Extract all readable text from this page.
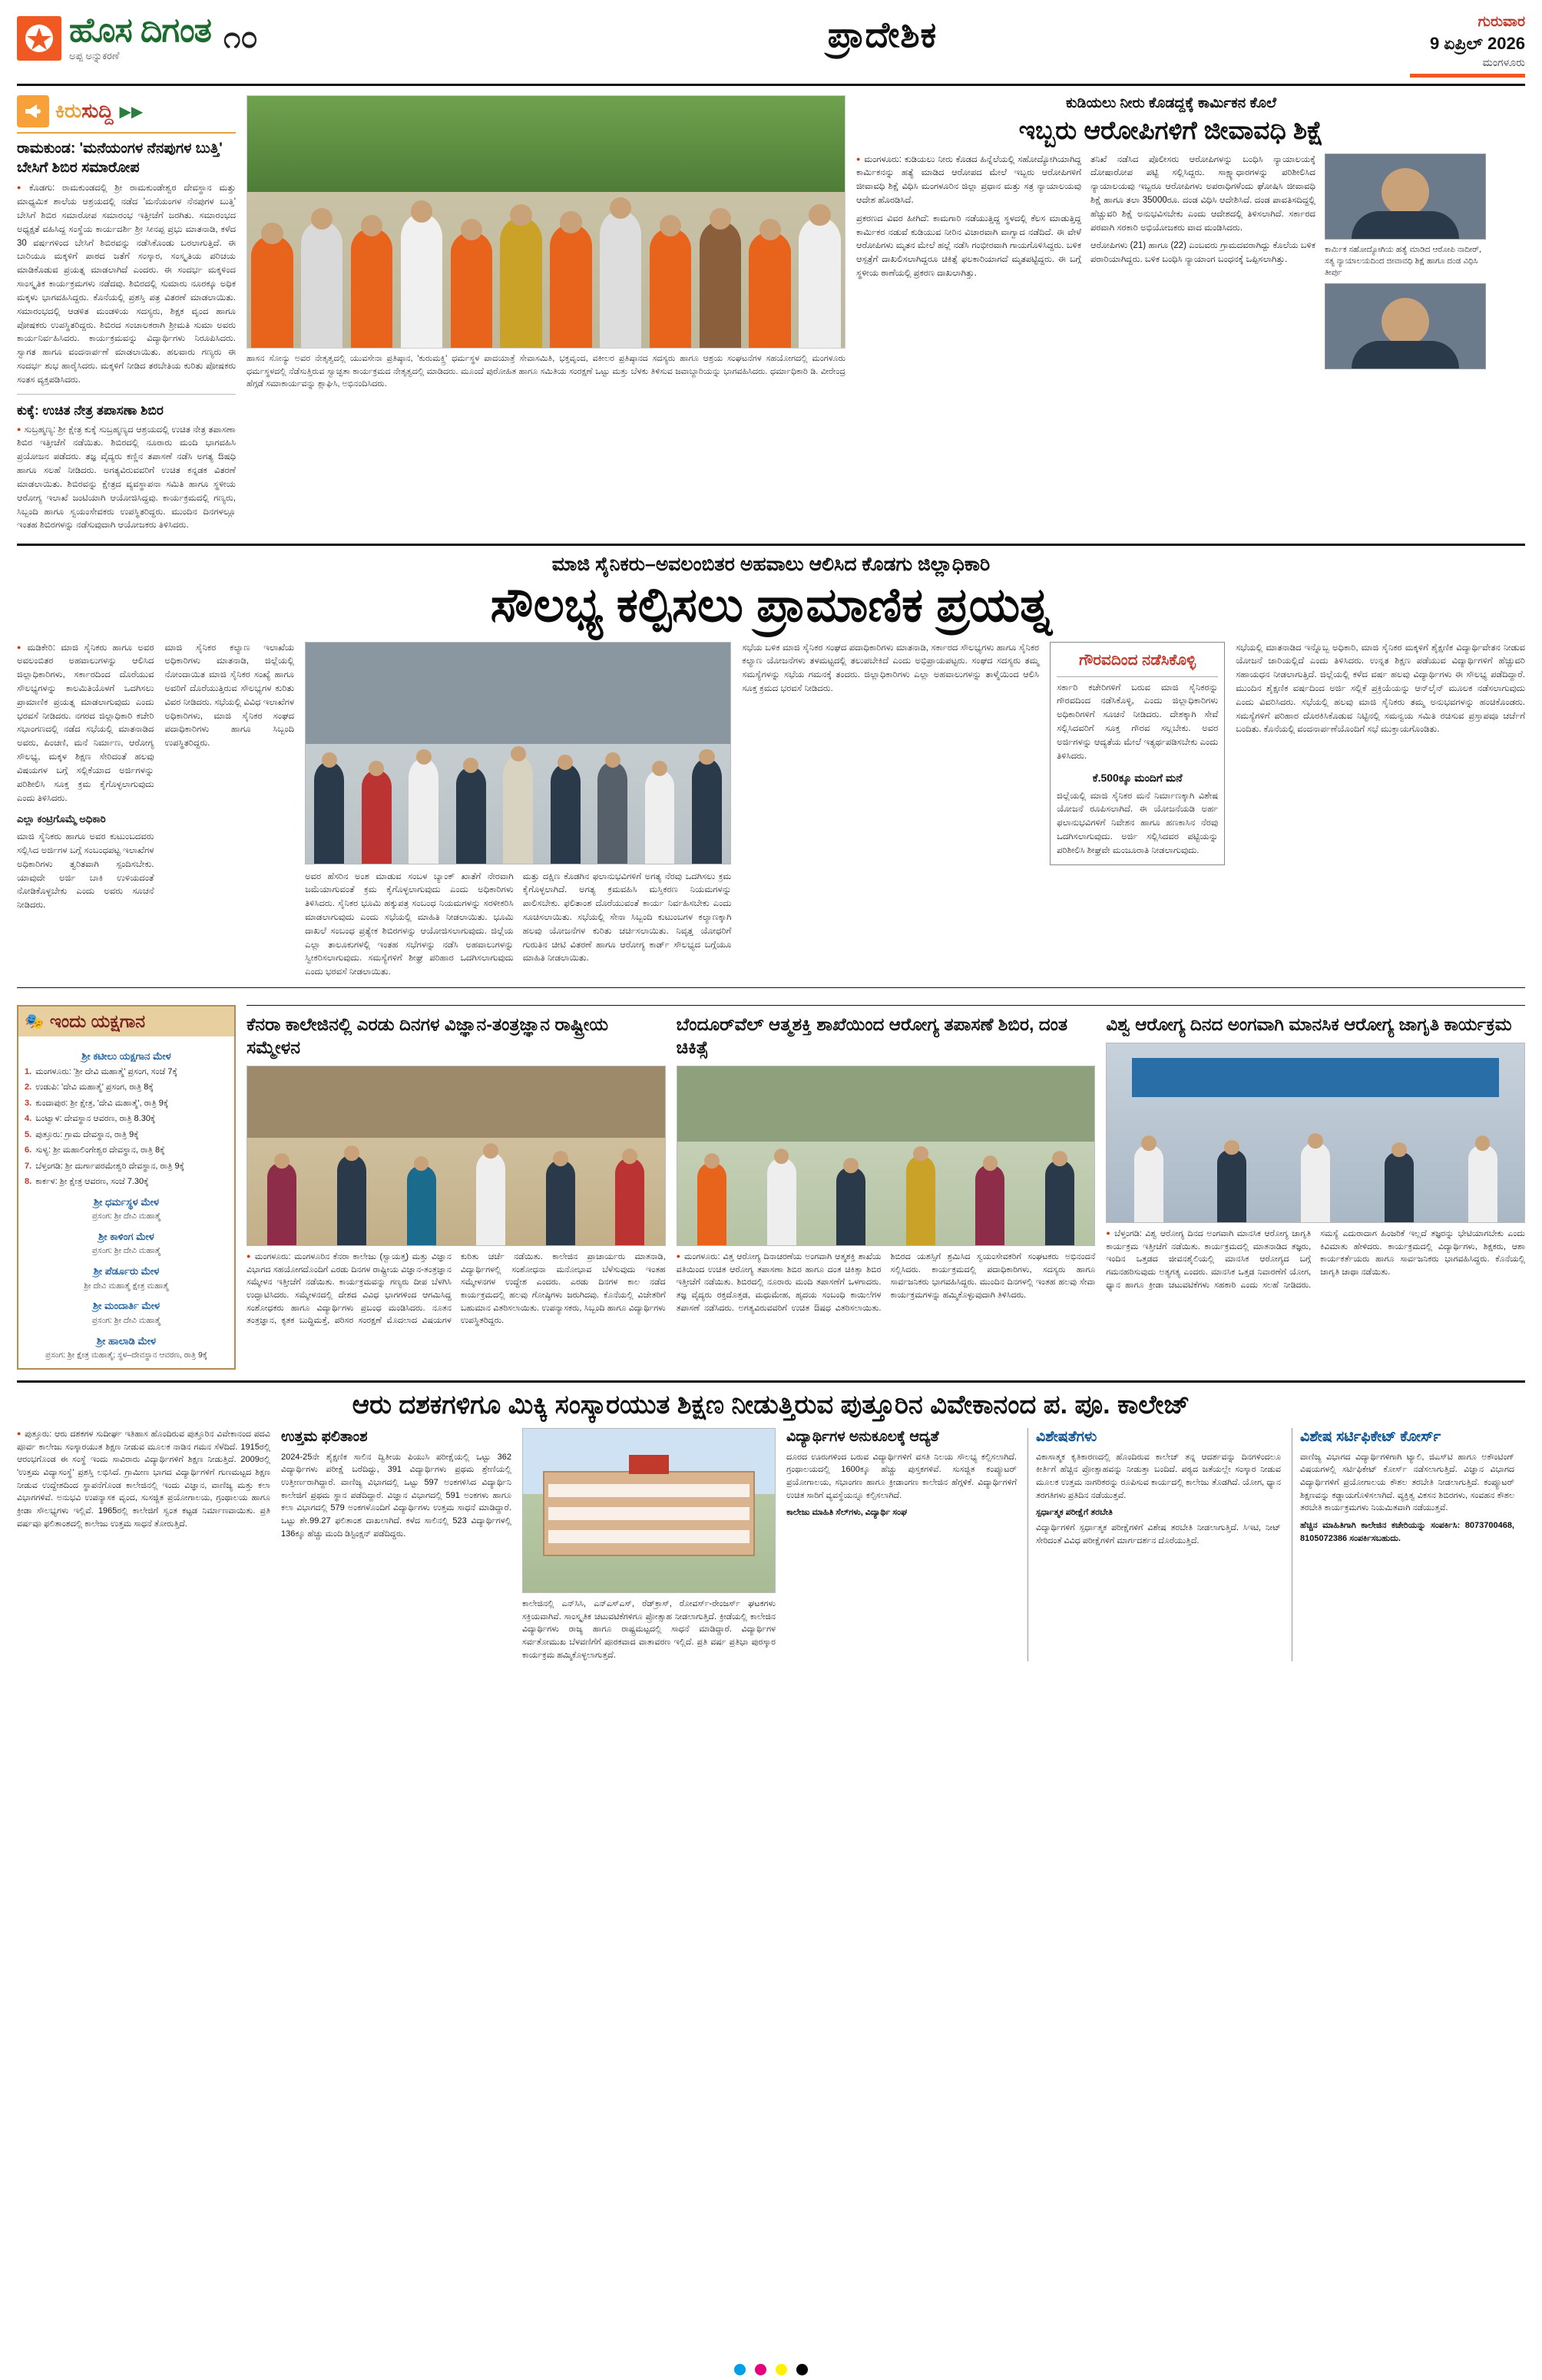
ಹೊಸ ದಿಗಂತ
ಅಪ್ಪ ಅನ್ನುಕರಣೆ
೧೦	ಪ್ರಾದೇಶಿಕ	ಗುರುವಾರ
9 ಏಪ್ರಿಲ್ 2026
ಮಂಗಳೂರು
ಕಿರುಸುದ್ದಿ ▶▶
ರಾಮಕುಂಡ: 'ಮನೆಯಂಗಳ ನೆನಪುಗಳ ಬುತ್ತಿ' ಬೇಸಿಗೆ ಶಿಬಿರ ಸಮಾರೋಪ
● ಕೊಡಗು: ರಾಮಕುಂಡದಲ್ಲಿ ಶ್ರೀ ರಾಮಕುಂಡೇಶ್ವರ ದೇವಸ್ಥಾನ ಮತ್ತು ಮಾಧ್ಯಮಿಕ ಶಾಲೆಯ ಆಶ್ರಯದಲ್ಲಿ ನಡೆದ 'ಮನೆಯಂಗಳ ನೆನಪುಗಳ ಬುತ್ತಿ' ಬೇಸಿಗೆ ಶಿಬಿರ ಸಮಾರೋಪ ಸಮಾರಂಭ ಇತ್ತೀಚೆಗೆ ಜರಗಿತು. ಸಮಾರಂಭದ ಅಧ್ಯಕ್ಷತೆ ವಹಿಸಿದ್ದ ಸಂಸ್ಥೆಯ ಕಾರ್ಯದರ್ಶಿ ಶ್ರೀ ಸೀನಪ್ಪ ಪ್ರಭು ಮಾತನಾಡಿ, ಕಳೆದ 30 ವರ್ಷಗಳಿಂದ ಬೇಸಿಗೆ ಶಿಬಿರವನ್ನು ನಡೆಸಿಕೊಂಡು ಬರಲಾಗುತ್ತಿದೆ. ಈ ಬಾರಿಯೂ ಮಕ್ಕಳಿಗೆ ಪಾಠದ ಜತೆಗೆ ಸಂಸ್ಕಾರ, ಸಂಸ್ಕೃತಿಯ ಪರಿಚಯ ಮಾಡಿಕೊಡುವ ಪ್ರಯತ್ನ ಮಾಡಲಾಗಿದೆ ಎಂದರು. ಈ ಸಂದರ್ಭ ಮಕ್ಕಳಿಂದ ಸಾಂಸ್ಕೃತಿಕ ಕಾರ್ಯಕ್ರಮಗಳು ನಡೆದವು. ಶಿಬಿರದಲ್ಲಿ ಸುಮಾರು ನೂರಕ್ಕೂ ಅಧಿಕ ಮಕ್ಕಳು ಭಾಗವಹಿಸಿದ್ದರು. ಕೊನೆಯಲ್ಲಿ ಪ್ರಶಸ್ತಿ ಪತ್ರ ವಿತರಣೆ ಮಾಡಲಾಯಿತು. ಸಮಾರಂಭದಲ್ಲಿ ಆಡಳಿತ ಮಂಡಳಿಯ ಸದಸ್ಯರು, ಶಿಕ್ಷಕ ವೃಂದ ಹಾಗೂ ಪೋಷಕರು ಉಪಸ್ಥಿತರಿದ್ದರು. ಶಿಬಿರದ ಸಂಚಾಲಕರಾಗಿ ಶ್ರೀಮತಿ ಸುಮಾ ಅವರು ಕಾರ್ಯನಿರ್ವಹಿಸಿದರು. ಕಾರ್ಯಕ್ರಮವನ್ನು ವಿದ್ಯಾರ್ಥಿಗಳು ನಿರೂಪಿಸಿದರು. ಸ್ವಾಗತ ಹಾಗೂ ವಂದನಾರ್ಪಣೆ ಮಾಡಲಾಯಿತು. ಹಲವಾರು ಗಣ್ಯರು ಈ ಸಂದರ್ಭ ಶುಭ ಹಾರೈಸಿದರು. ಮಕ್ಕಳಿಗೆ ನೀಡಿದ ತರಬೇತಿಯ ಕುರಿತು ಪೋಷಕರು ಸಂತಸ ವ್ಯಕ್ತಪಡಿಸಿದರು.
ಕುಕ್ಕೆ: ಉಚಿತ ನೇತ್ರ ತಪಾಸಣಾ ಶಿಬಿರ
● ಸುಬ್ರಹ್ಮಣ್ಯ: ಶ್ರೀ ಕ್ಷೇತ್ರ ಕುಕ್ಕೆ ಸುಬ್ರಹ್ಮಣ್ಯದ ಆಶ್ರಯದಲ್ಲಿ ಉಚಿತ ನೇತ್ರ ತಪಾಸಣಾ ಶಿಬಿರ ಇತ್ತೀಚೆಗೆ ನಡೆಯಿತು. ಶಿಬಿರದಲ್ಲಿ ನೂರಾರು ಮಂದಿ ಭಾಗವಹಿಸಿ ಪ್ರಯೋಜನ ಪಡೆದರು. ತಜ್ಞ ವೈದ್ಯರು ಕಣ್ಣಿನ ತಪಾಸಣೆ ನಡೆಸಿ ಅಗತ್ಯ ಔಷಧಿ ಹಾಗೂ ಸಲಹೆ ನೀಡಿದರು. ಅಗತ್ಯವಿರುವವರಿಗೆ ಉಚಿತ ಕನ್ನಡಕ ವಿತರಣೆ ಮಾಡಲಾಯಿತು. ಶಿಬಿರವನ್ನು ಕ್ಷೇತ್ರದ ವ್ಯವಸ್ಥಾಪನಾ ಸಮಿತಿ ಹಾಗೂ ಸ್ಥಳೀಯ ಆರೋಗ್ಯ ಇಲಾಖೆ ಜಂಟಿಯಾಗಿ ಆಯೋಜಿಸಿದ್ದವು. ಕಾರ್ಯಕ್ರಮದಲ್ಲಿ ಗಣ್ಯರು, ಸಿಬ್ಬಂದಿ ಹಾಗೂ ಸ್ವಯಂಸೇವಕರು ಉಪಸ್ಥಿತರಿದ್ದರು. ಮುಂದಿನ ದಿನಗಳಲ್ಲೂ ಇಂತಹ ಶಿಬಿರಗಳನ್ನು ನಡೆಸುವುದಾಗಿ ಆಯೋಜಕರು ತಿಳಿಸಿದರು.
ಹಾಸನ ಸೋನ್ಯು ಅವರ ನೇತೃತ್ವದಲ್ಲಿ ಯುವಸೇನಾ ಪ್ರತಿಷ್ಠಾನ, 'ಕುರುಮಕ್ತ್ರಿ' ಧರ್ಮಸ್ಥಳ ಪಾದಯಾತ್ರೆ ಸೇವಾಸಮಿತಿ, ಭಕ್ತವೃಂದ, ವಕೀಲರ ಪ್ರತಿಷ್ಠಾನದ ಸದಸ್ಯರು ಹಾಗೂ ಆಶ್ರಯ ಸಂಘಟನೆಗಳ ಸಹಯೋಗದಲ್ಲಿ ಮಂಗಳೂರು ಧರ್ಮಸ್ಥಳದಲ್ಲಿ ನೆಡೆಸುತ್ತಿರುವ ಸ್ವಾಚ್ಛತಾ ಕಾರ್ಯಕ್ರಮದ ನೇತೃತ್ವದಲ್ಲಿ ಮಾಡಿದರು. ಮೂಂದೆ ಪುರೋಹಿತ ಹಾಗೂ ಸಮಿತಿಯ ಸಂರಕ್ಷಣೆ ಒಟ್ಟು ಮತ್ತು ಬೆಳಕು ತಿಳಿಸುವ ಜವಾಬ್ದಾರಿಯನ್ನು ಭಾಗವಹಿಸಿದರು. ಧರ್ಮಾಧಿಕಾರಿ ಡಿ. ವೀರೇಂದ್ರ ಹೆಗ್ಗಡೆ ಸಮಾಕಾರ್ಯವನ್ನು ಶ್ಲಾಘಿಸಿ, ಅಭಿನಂದಿಸಿದರು.
ಕುಡಿಯಲು ನೀರು ಕೊಡದ್ದಕ್ಕೆ ಕಾರ್ಮಿಕನ ಕೊಲೆ
ಇಬ್ಬರು ಆರೋಪಿಗಳಿಗೆ ಜೀವಾವಧಿ ಶಿಕ್ಷೆ
● ಮಂಗಳೂರು: ಕುಡಿಯಲು ನೀರು ಕೊಡದ ಹಿನ್ನೆಲೆಯಲ್ಲಿ ಸಹೋದ್ಯೋಗಿಯಾಗಿದ್ದ ಕಾರ್ಮಿಕನನ್ನು ಹತ್ಯೆ ಮಾಡಿದ ಆರೋಪದ ಮೇಲೆ ಇಬ್ಬರು ಆರೋಪಿಗಳಿಗೆ ಜೀವಾವಧಿ ಶಿಕ್ಷೆ ವಿಧಿಸಿ ಮಂಗಳೂರಿನ ಜಿಲ್ಲಾ ಪ್ರಧಾನ ಮತ್ತು ಸತ್ರ ನ್ಯಾಯಾಲಯವು ಆದೇಶ ಹೊರಡಿಸಿದೆ.
ಪ್ರಕರಣದ ವಿವರ ಹೀಗಿದೆ: ಕಾಮಗಾರಿ ನಡೆಯುತ್ತಿದ್ದ ಸ್ಥಳದಲ್ಲಿ ಕೆಲಸ ಮಾಡುತ್ತಿದ್ದ ಕಾರ್ಮಿಕರ ನಡುವೆ ಕುಡಿಯುವ ನೀರಿನ ವಿಚಾರವಾಗಿ ವಾಗ್ವಾದ ನಡೆದಿದೆ. ಈ ವೇಳೆ ಆರೋಪಿಗಳು ಮೃತನ ಮೇಲೆ ಹಲ್ಲೆ ನಡೆಸಿ ಗಂಭೀರವಾಗಿ ಗಾಯಗೊಳಿಸಿದ್ದರು. ಬಳಿಕ ಆಸ್ಪತ್ರೆಗೆ ದಾಖಲಿಸಲಾಗಿದ್ದರೂ ಚಿಕಿತ್ಸೆ ಫಲಕಾರಿಯಾಗದೆ ಮೃತಪಟ್ಟಿದ್ದರು. ಈ ಬಗ್ಗೆ ಸ್ಥಳೀಯ ಠಾಣೆಯಲ್ಲಿ ಪ್ರಕರಣ ದಾಖಲಾಗಿತ್ತು.
ತನಿಖೆ ನಡೆಸಿದ ಪೊಲೀಸರು ಆರೋಪಿಗಳನ್ನು ಬಂಧಿಸಿ ನ್ಯಾಯಾಲಯಕ್ಕೆ ದೋಷಾರೋಪ ಪಟ್ಟಿ ಸಲ್ಲಿಸಿದ್ದರು. ಸಾಕ್ಷ್ಯಾಧಾರಗಳನ್ನು ಪರಿಶೀಲಿಸಿದ ನ್ಯಾಯಾಲಯವು ಇಬ್ಬರೂ ಆರೋಪಿಗಳು ಅಪರಾಧಿಗಳೆಂದು ಘೋಷಿಸಿ ಜೀವಾವಧಿ ಶಿಕ್ಷೆ ಹಾಗೂ ತಲಾ 35000ರೂ. ದಂಡ ವಿಧಿಸಿ ಆದೇಶಿಸಿದೆ. ದಂಡ ಪಾವತಿಸದಿದ್ದಲ್ಲಿ ಹೆಚ್ಚುವರಿ ಶಿಕ್ಷೆ ಅನುಭವಿಸಬೇಕು ಎಂದು ಆದೇಶದಲ್ಲಿ ತಿಳಿಸಲಾಗಿದೆ. ಸರ್ಕಾರದ ಪರವಾಗಿ ಸರಕಾರಿ ಅಭಿಯೋಜಕರು ವಾದ ಮಂಡಿಸಿದರು.
ಆರೋಪಿಗಳು (21) ಹಾಗೂ (22) ಎಂಬವರು ಗ್ರಾಮದವರಾಗಿದ್ದು ಕೊಲೆಯ ಬಳಿಕ ಪರಾರಿಯಾಗಿದ್ದರು. ಬಳಿಕ ಬಂಧಿಸಿ ನ್ಯಾಯಾಂಗ ಬಂಧನಕ್ಕೆ ಒಪ್ಪಿಸಲಾಗಿತ್ತು.
ಕಾರ್ಮಿಕ ಸಹೋದ್ಯೋಗಿಯ ಹತ್ಯೆ ಮಾಡಿದ ಆರೋಪಿ ನಾದೀರ್, ಸತ್ಯ ನ್ಯಾಯಾಲಯದಿಂದ ಜೀವಾವಧಿ ಶಿಕ್ಷೆ ಹಾಗೂ ದಂಡ ವಿಧಿಸಿ ತೀರ್ಪು
ಮಾಜಿ ಸೈನಿಕರು–ಅವಲಂಬಿತರ ಅಹವಾಲು ಆಲಿಸಿದ ಕೊಡಗು ಜಿಲ್ಲಾಧಿಕಾರಿ
ಸೌಲಭ್ಯ ಕಲ್ಪಿಸಲು ಪ್ರಾಮಾಣಿಕ ಪ್ರಯತ್ನ
● ಮಡಿಕೇರಿ: ಮಾಜಿ ಸೈನಿಕರು ಹಾಗೂ ಅವರ ಅವಲಂಬಿತರ ಅಹವಾಲುಗಳನ್ನು ಆಲಿಸಿದ ಜಿಲ್ಲಾಧಿಕಾರಿಗಳು, ಸರ್ಕಾರದಿಂದ ದೊರೆಯುವ ಸೌಲಭ್ಯಗಳನ್ನು ಕಾಲಮಿತಿಯೊಳಗೆ ಒದಗಿಸಲು ಪ್ರಾಮಾಣಿಕ ಪ್ರಯತ್ನ ಮಾಡಲಾಗುವುದು ಎಂದು ಭರವಸೆ ನೀಡಿದರು. ನಗರದ ಜಿಲ್ಲಾಧಿಕಾರಿ ಕಚೇರಿ ಸಭಾಂಗಣದಲ್ಲಿ ನಡೆದ ಸಭೆಯಲ್ಲಿ ಮಾತನಾಡಿದ ಅವರು, ಪಿಂಚಣಿ, ಮನೆ ನಿರ್ಮಾಣ, ಆರೋಗ್ಯ ಸೌಲಭ್ಯ, ಮಕ್ಕಳ ಶಿಕ್ಷಣ ಸೇರಿದಂತೆ ಹಲವು ವಿಷಯಗಳ ಬಗ್ಗೆ ಸಲ್ಲಿಕೆಯಾದ ಅರ್ಜಿಗಳನ್ನು ಪರಿಶೀಲಿಸಿ ಸೂಕ್ತ ಕ್ರಮ ಕೈಗೊಳ್ಳಲಾಗುವುದು ಎಂದು ತಿಳಿಸಿದರು.
ಎಲ್ಲಾ ಕಂಟ್ರಿಗೊಮ್ಮೆ ಅಧಿಕಾರಿ
ಮಾಜಿ ಸೈನಿಕರು ಹಾಗೂ ಅವರ ಕುಟುಂಬದವರು ಸಲ್ಲಿಸಿದ ಅರ್ಜಿಗಳ ಬಗ್ಗೆ ಸಂಬಂಧಪಟ್ಟ ಇಲಾಖೆಗಳ ಅಧಿಕಾರಿಗಳು ತ್ವರಿತವಾಗಿ ಸ್ಪಂದಿಸಬೇಕು. ಯಾವುದೇ ಅರ್ಜಿ ಬಾಕಿ ಉಳಿಯದಂತೆ ನೋಡಿಕೊಳ್ಳಬೇಕು ಎಂದು ಅವರು ಸೂಚನೆ ನೀಡಿದರು.
ಮಾಜಿ ಸೈನಿಕರ ಕಲ್ಯಾಣ ಇಲಾಖೆಯ ಅಧಿಕಾರಿಗಳು ಮಾತನಾಡಿ, ಜಿಲ್ಲೆಯಲ್ಲಿ ನೋಂದಾಯಿತ ಮಾಜಿ ಸೈನಿಕರ ಸಂಖ್ಯೆ ಹಾಗೂ ಅವರಿಗೆ ದೊರೆಯುತ್ತಿರುವ ಸೌಲಭ್ಯಗಳ ಕುರಿತು ವಿವರ ನೀಡಿದರು. ಸಭೆಯಲ್ಲಿ ವಿವಿಧ ಇಲಾಖೆಗಳ ಅಧಿಕಾರಿಗಳು, ಮಾಜಿ ಸೈನಿಕರ ಸಂಘದ ಪದಾಧಿಕಾರಿಗಳು ಹಾಗೂ ಸಿಬ್ಬಂದಿ ಉಪಸ್ಥಿತರಿದ್ದರು.
ಅವರ ಹೆಸರಿನ ಅಂಶ ಮಾಡುವ ಸಂಬಳ ಬ್ಯಾಂಕ್ ಖಾತೆಗೆ ನೇರವಾಗಿ ಜಮೆಯಾಗುವಂತೆ ಕ್ರಮ ಕೈಗೊಳ್ಳಲಾಗುವುದು ಎಂದು ಅಧಿಕಾರಿಗಳು ತಿಳಿಸಿದರು. ಸೈನಿಕರ ಭೂಮಿ ಹಕ್ಕುಪತ್ರ ಸಂಬಂಧ ನಿಯಮಗಳನ್ನು ಸರಳೀಕರಿಸಿ ಮಾಡಲಾಗುವುದು ಎಂದು ಸಭೆಯಲ್ಲಿ ಮಾಹಿತಿ ನೀಡಲಾಯಿತು. ಭೂಮಿ ದಾಖಲೆ ಸಂಬಂಧ ಪ್ರತ್ಯೇಕ ಶಿಬಿರಗಳನ್ನು ಆಯೋಜಿಸಲಾಗುವುದು. ಜಿಲ್ಲೆಯ ಎಲ್ಲಾ ತಾಲೂಕುಗಳಲ್ಲಿ ಇಂತಹ ಸಭೆಗಳನ್ನು ನಡೆಸಿ ಅಹವಾಲುಗಳನ್ನು ಸ್ವೀಕರಿಸಲಾಗುವುದು. ಸಮಸ್ಯೆಗಳಿಗೆ ಶೀಘ್ರ ಪರಿಹಾರ ಒದಗಿಸಲಾಗುವುದು ಎಂದು ಭರವಸೆ ನೀಡಲಾಯಿತು.
ಮತ್ತು ದಕ್ಷಿಣ ಕೊಡಗಿನ ಫಲಾನುಭವಿಗಳಿಗೆ ಅಗತ್ಯ ನೆರವು ಒದಗಿಸಲು ಕ್ರಮ ಕೈಗೊಳ್ಳಲಾಗಿದೆ. ಅಗತ್ಯ ಕ್ರಮವಹಿಸಿ ಮಸ್ತಿಕರಣ ನಿಯಮಗಳನ್ನು ಪಾಲಿಸಬೇಕು. ಫಲಿತಾಂಶ ದೊರೆಯುವಂತೆ ಕಾರ್ಯ ನಿರ್ವಹಿಸಬೇಕು ಎಂದು ಸೂಚಿಸಲಾಯಿತು. ಸಭೆಯಲ್ಲಿ ಸೇನಾ ಸಿಬ್ಬಂದಿ ಕುಟುಂಬಗಳ ಕಲ್ಯಾಣಕ್ಕಾಗಿ ಹಲವು ಯೋಜನೆಗಳ ಕುರಿತು ಚರ್ಚಿಸಲಾಯಿತು. ನಿವೃತ್ತ ಯೋಧರಿಗೆ ಗುರುತಿನ ಚೀಟಿ ವಿತರಣೆ ಹಾಗೂ ಆರೋಗ್ಯ ಕಾರ್ಡ್ ಸೌಲಭ್ಯದ ಬಗ್ಗೆಯೂ ಮಾಹಿತಿ ನೀಡಲಾಯಿತು.
ಸಭೆಯ ಬಳಿಕ ಮಾಜಿ ಸೈನಿಕರ ಸಂಘದ ಪದಾಧಿಕಾರಿಗಳು ಮಾತನಾಡಿ, ಸರ್ಕಾರದ ಸೌಲಭ್ಯಗಳು ಹಾಗೂ ಸೈನಿಕರ ಕಲ್ಯಾಣ ಯೋಜನೆಗಳು ತಳಮಟ್ಟದಲ್ಲಿ ತಲುಪಬೇಕಿದೆ ಎಂದು ಅಭಿಪ್ರಾಯಪಟ್ಟರು. ಸಂಘದ ಸದಸ್ಯರು ತಮ್ಮ ಸಮಸ್ಯೆಗಳನ್ನು ಸಭೆಯ ಗಮನಕ್ಕೆ ತಂದರು. ಜಿಲ್ಲಾಧಿಕಾರಿಗಳು ಎಲ್ಲಾ ಅಹವಾಲುಗಳನ್ನು ತಾಳ್ಮೆಯಿಂದ ಆಲಿಸಿ ಸೂಕ್ತ ಕ್ರಮದ ಭರವಸೆ ನೀಡಿದರು.
ಗೌರವದಿಂದ ನಡೆಸಿಕೊಳ್ಳಿ
ಸರ್ಕಾರಿ ಕಚೇರಿಗಳಿಗೆ ಬರುವ ಮಾಜಿ ಸೈನಿಕರನ್ನು ಗೌರವದಿಂದ ನಡೆಸಿಕೊಳ್ಳಿ, ಎಂದು ಜಿಲ್ಲಾಧಿಕಾರಿಗಳು ಅಧಿಕಾರಿಗಳಿಗೆ ಸೂಚನೆ ನೀಡಿದರು. ದೇಶಕ್ಕಾಗಿ ಸೇವೆ ಸಲ್ಲಿಸಿದವರಿಗೆ ಸೂಕ್ತ ಗೌರವ ಸಲ್ಲಬೇಕು. ಅವರ ಅರ್ಜಿಗಳನ್ನು ಆದ್ಯತೆಯ ಮೇಲೆ ಇತ್ಯರ್ಥಪಡಿಸಬೇಕು ಎಂದು ತಿಳಿಸಿದರು.
ಕೆ.500ಕ್ಕೂ ಮಂದಿಗೆ ಮನೆ
ಜಿಲ್ಲೆಯಲ್ಲಿ ಮಾಜಿ ಸೈನಿಕರ ಮನೆ ನಿರ್ಮಾಣಕ್ಕಾಗಿ ವಿಶೇಷ ಯೋಜನೆ ರೂಪಿಸಲಾಗಿದೆ. ಈ ಯೋಜನೆಯಡಿ ಅರ್ಹ ಫಲಾನುಭವಿಗಳಿಗೆ ನಿವೇಶನ ಹಾಗೂ ಹಣಕಾಸಿನ ನೆರವು ಒದಗಿಸಲಾಗುವುದು. ಅರ್ಜಿ ಸಲ್ಲಿಸಿದವರ ಪಟ್ಟಿಯನ್ನು ಪರಿಶೀಲಿಸಿ ಶೀಘ್ರವೇ ಮಂಜೂರಾತಿ ನೀಡಲಾಗುವುದು.
ಸಭೆಯಲ್ಲಿ ಮಾತನಾಡಿದ ಇನ್ನೊಬ್ಬ ಅಧಿಕಾರಿ, ಮಾಜಿ ಸೈನಿಕರ ಮಕ್ಕಳಿಗೆ ಶೈಕ್ಷಣಿಕ ವಿದ್ಯಾರ್ಥಿವೇತನ ನೀಡುವ ಯೋಜನೆ ಜಾರಿಯಲ್ಲಿದೆ ಎಂದು ತಿಳಿಸಿದರು. ಉನ್ನತ ಶಿಕ್ಷಣ ಪಡೆಯುವ ವಿದ್ಯಾರ್ಥಿಗಳಿಗೆ ಹೆಚ್ಚುವರಿ ಸಹಾಯಧನ ನೀಡಲಾಗುತ್ತಿದೆ. ಜಿಲ್ಲೆಯಲ್ಲಿ ಕಳೆದ ವರ್ಷ ಹಲವು ವಿದ್ಯಾರ್ಥಿಗಳು ಈ ಸೌಲಭ್ಯ ಪಡೆದಿದ್ದಾರೆ. ಮುಂದಿನ ಶೈಕ್ಷಣಿಕ ವರ್ಷದಿಂದ ಅರ್ಜಿ ಸಲ್ಲಿಕೆ ಪ್ರಕ್ರಿಯೆಯನ್ನು ಆನ್‌ಲೈನ್ ಮೂಲಕ ನಡೆಸಲಾಗುವುದು ಎಂದು ವಿವರಿಸಿದರು. ಸಭೆಯಲ್ಲಿ ಹಲವು ಮಾಜಿ ಸೈನಿಕರು ತಮ್ಮ ಅನುಭವಗಳನ್ನು ಹಂಚಿಕೊಂಡರು. ಸಮಸ್ಯೆಗಳಿಗೆ ಪರಿಹಾರ ದೊರಕಿಸಿಕೊಡುವ ನಿಟ್ಟಿನಲ್ಲಿ ಸಮನ್ವಯ ಸಮಿತಿ ರಚಿಸುವ ಪ್ರಸ್ತಾಪವೂ ಚರ್ಚೆಗೆ ಬಂದಿತು. ಕೊನೆಯಲ್ಲಿ ವಂದನಾರ್ಪಣೆಯೊಂದಿಗೆ ಸಭೆ ಮುಕ್ತಾಯಗೊಂಡಿತು.
🎭 ಇಂದು ಯಕ್ಷಗಾನ
ಶ್ರೀ ಕಟೀಲು ಯಕ್ಷಗಾನ ಮೇಳ
1. ಮಂಗಳೂರು: 'ಶ್ರೀ ದೇವಿ ಮಹಾತ್ಮೆ' ಪ್ರಸಂಗ, ಸಂಜೆ 7ಕ್ಕೆ
2. ಉಡುಪಿ: 'ದೇವಿ ಮಹಾತ್ಮೆ' ಪ್ರಸಂಗ, ರಾತ್ರಿ 8ಕ್ಕೆ
3. ಕುಂದಾಪುರ: ಶ್ರೀ ಕ್ಷೇತ್ರ, 'ದೇವಿ ಮಹಾತ್ಮೆ', ರಾತ್ರಿ 9ಕ್ಕೆ
4. ಬಂಟ್ವಾಳ: ದೇವಸ್ಥಾನ ಆವರಣ, ರಾತ್ರಿ 8.30ಕ್ಕೆ
5. ಪುತ್ತೂರು: ಗ್ರಾಮ ದೇವಸ್ಥಾನ, ರಾತ್ರಿ 9ಕ್ಕೆ
6. ಸುಳ್ಯ: ಶ್ರೀ ಮಹಾಲಿಂಗೇಶ್ವರ ದೇವಸ್ಥಾನ, ರಾತ್ರಿ 8ಕ್ಕೆ
7. ಬೆಳ್ತಂಗಡಿ: ಶ್ರೀ ದುರ್ಗಾಪರಮೇಶ್ವರಿ ದೇವಸ್ಥಾನ, ರಾತ್ರಿ 9ಕ್ಕೆ
8. ಕಾರ್ಕಳ: ಶ್ರೀ ಕ್ಷೇತ್ರ ಆವರಣ, ಸಂಜೆ 7.30ಕ್ಕೆ
ಶ್ರೀ ಧರ್ಮಸ್ಥಳ ಮೇಳ
ಪ್ರಸಂಗ: ಶ್ರೀ ದೇವಿ ಮಹಾತ್ಮೆ
ಶ್ರೀ ಕಾಳಿಂಗ ಮೇಳ
ಪ್ರಸಂಗ: ಶ್ರೀ ದೇವಿ ಮಹಾತ್ಮೆ
ಶ್ರೀ ಪೆರ್ಡೂರು ಮೇಳ
ಶ್ರೀ ದೇವಿ ಮಹಾತ್ಮೆ ಕ್ಷೇತ್ರ ಮಹಾತ್ಮೆ
ಶ್ರೀ ಮಂದಾರ್ತಿ ಮೇಳ
ಪ್ರಸಂಗ: ಶ್ರೀ ದೇವಿ ಮಹಾತ್ಮೆ
ಶ್ರೀ ಹಾಲಾಡಿ ಮೇಳ
ಪ್ರಸಂಗ: ಶ್ರೀ ಕ್ಷೇತ್ರ ಮಹಾತ್ಮೆ; ಸ್ಥಳ–ದೇವಸ್ಥಾನ ಆವರಣ, ರಾತ್ರಿ 9ಕ್ಕೆ
ಕೆನರಾ ಕಾಲೇಜಿನಲ್ಲಿ ಎರಡು ದಿನಗಳ ವಿಜ್ಞಾನ-ತಂತ್ರಜ್ಞಾನ ರಾಷ್ಟ್ರೀಯ ಸಮ್ಮೇಳನ
● ಮಂಗಳೂರು: ಮಂಗಳೂರಿನ ಕೆನರಾ ಕಾಲೇಜು (ಸ್ವಾಯತ್ತ) ಮತ್ತು ವಿಜ್ಞಾನ ವಿಭಾಗದ ಸಹಯೋಗದೊಂದಿಗೆ ಎರಡು ದಿನಗಳ ರಾಷ್ಟ್ರೀಯ ವಿಜ್ಞಾನ-ತಂತ್ರಜ್ಞಾನ ಸಮ್ಮೇಳನ ಇತ್ತೀಚೆಗೆ ನಡೆಯಿತು. ಕಾರ್ಯಕ್ರಮವನ್ನು ಗಣ್ಯರು ದೀಪ ಬೆಳಗಿಸಿ ಉದ್ಘಾಟಿಸಿದರು. ಸಮ್ಮೇಳನದಲ್ಲಿ ದೇಶದ ವಿವಿಧ ಭಾಗಗಳಿಂದ ಆಗಮಿಸಿದ್ದ ಸಂಶೋಧಕರು ಹಾಗೂ ವಿದ್ಯಾರ್ಥಿಗಳು ಪ್ರಬಂಧ ಮಂಡಿಸಿದರು. ನೂತನ ತಂತ್ರಜ್ಞಾನ, ಕೃತಕ ಬುದ್ಧಿಮತ್ತೆ, ಪರಿಸರ ಸಂರಕ್ಷಣೆ ಮೊದಲಾದ ವಿಷಯಗಳ ಕುರಿತು ಚರ್ಚೆ ನಡೆಯಿತು. ಕಾಲೇಜಿನ ಪ್ರಾಚಾರ್ಯರು ಮಾತನಾಡಿ, ವಿದ್ಯಾರ್ಥಿಗಳಲ್ಲಿ ಸಂಶೋಧನಾ ಮನೋಭಾವ ಬೆಳೆಸುವುದು ಇಂತಹ ಸಮ್ಮೇಳನಗಳ ಉದ್ದೇಶ ಎಂದರು. ಎರಡು ದಿನಗಳ ಕಾಲ ನಡೆದ ಕಾರ್ಯಕ್ರಮದಲ್ಲಿ ಹಲವು ಗೋಷ್ಠಿಗಳು ಜರುಗಿದವು. ಕೊನೆಯಲ್ಲಿ ವಿಜೇತರಿಗೆ ಬಹುಮಾನ ವಿತರಿಸಲಾಯಿತು. ಉಪನ್ಯಾಸಕರು, ಸಿಬ್ಬಂದಿ ಹಾಗೂ ವಿದ್ಯಾರ್ಥಿಗಳು ಉಪಸ್ಥಿತರಿದ್ದರು.
ಬೆಂದೂರ್‌ವೆಲ್ ಆತ್ಮಶಕ್ತಿ ಶಾಖೆಯಿಂದ ಆರೋಗ್ಯ ತಪಾಸಣೆ ಶಿಬಿರ, ದಂತ ಚಿಕಿತ್ಸೆ
● ಮಂಗಳೂರು: ವಿತ್ತ ಆರೋಗ್ಯ ದಿನಾಚರಣೆಯ ಅಂಗವಾಗಿ ಆತ್ಮಶಕ್ತಿ ಶಾಖೆಯ ವತಿಯಿಂದ ಉಚಿತ ಆರೋಗ್ಯ ತಪಾಸಣಾ ಶಿಬಿರ ಹಾಗೂ ದಂತ ಚಿಕಿತ್ಸಾ ಶಿಬಿರ ಇತ್ತೀಚೆಗೆ ನಡೆಯಿತು. ಶಿಬಿರದಲ್ಲಿ ನೂರಾರು ಮಂದಿ ತಪಾಸಣೆಗೆ ಒಳಗಾದರು. ತಜ್ಞ ವೈದ್ಯರು ರಕ್ತದೊತ್ತಡ, ಮಧುಮೇಹ, ಹೃದಯ ಸಂಬಂಧಿ ಕಾಯಿಲೆಗಳ ತಪಾಸಣೆ ನಡೆಸಿದರು. ಅಗತ್ಯವಿರುವವರಿಗೆ ಉಚಿತ ಔಷಧ ವಿತರಿಸಲಾಯಿತು. ಶಿಬಿರದ ಯಶಸ್ಸಿಗೆ ಶ್ರಮಿಸಿದ ಸ್ವಯಂಸೇವಕರಿಗೆ ಸಂಘಟಕರು ಅಭಿನಂದನೆ ಸಲ್ಲಿಸಿದರು. ಕಾರ್ಯಕ್ರಮದಲ್ಲಿ ಪದಾಧಿಕಾರಿಗಳು, ಸದಸ್ಯರು ಹಾಗೂ ಸಾರ್ವಜನಿಕರು ಭಾಗವಹಿಸಿದ್ದರು. ಮುಂದಿನ ದಿನಗಳಲ್ಲಿ ಇಂತಹ ಹಲವು ಸೇವಾ ಕಾರ್ಯಕ್ರಮಗಳನ್ನು ಹಮ್ಮಿಕೊಳ್ಳುವುದಾಗಿ ತಿಳಿಸಿದರು.
ವಿಶ್ವ ಆರೋಗ್ಯ ದಿನದ ಅಂಗವಾಗಿ ಮಾನಸಿಕ ಆರೋಗ್ಯ ಜಾಗೃತಿ ಕಾರ್ಯಕ್ರಮ
● ಬೆಳ್ತಂಗಡಿ: ವಿಶ್ವ ಆರೋಗ್ಯ ದಿನದ ಅಂಗವಾಗಿ ಮಾನಸಿಕ ಆರೋಗ್ಯ ಜಾಗೃತಿ ಕಾರ್ಯಕ್ರಮ ಇತ್ತೀಚೆಗೆ ನಡೆಯಿತು. ಕಾರ್ಯಕ್ರಮದಲ್ಲಿ ಮಾತನಾಡಿದ ತಜ್ಞರು, ಇಂದಿನ ಒತ್ತಡದ ಜೀವನಶೈಲಿಯಲ್ಲಿ ಮಾನಸಿಕ ಆರೋಗ್ಯದ ಬಗ್ಗೆ ಗಮನಹರಿಸುವುದು ಅತ್ಯಗತ್ಯ ಎಂದರು. ಮಾನಸಿಕ ಒತ್ತಡ ನಿವಾರಣೆಗೆ ಯೋಗ, ಧ್ಯಾನ ಹಾಗೂ ಕ್ರೀಡಾ ಚಟುವಟಿಕೆಗಳು ಸಹಕಾರಿ ಎಂದು ಸಲಹೆ ನೀಡಿದರು. ಸಮಸ್ಯೆ ಎದುರಾದಾಗ ಹಿಂಜರಿಕೆ ಇಲ್ಲದೆ ತಜ್ಞರನ್ನು ಭೇಟಿಯಾಗಬೇಕು ಎಂದು ಕಿವಿಮಾತು ಹೇಳಿದರು. ಕಾರ್ಯಕ್ರಮದಲ್ಲಿ ವಿದ್ಯಾರ್ಥಿಗಳು, ಶಿಕ್ಷಕರು, ಆಶಾ ಕಾರ್ಯಕರ್ತೆಯರು ಹಾಗೂ ಸಾರ್ವಜನಿಕರು ಭಾಗವಹಿಸಿದ್ದರು. ಕೊನೆಯಲ್ಲಿ ಜಾಗೃತಿ ಜಾಥಾ ನಡೆಯಿತು.
ಆರು ದಶಕಗಳಿಗೂ ಮಿಕ್ಕಿ ಸಂಸ್ಕಾರಯುತ ಶಿಕ್ಷಣ ನೀಡುತ್ತಿರುವ ಪುತ್ತೂರಿನ ವಿವೇಕಾನಂದ ಪ. ಪೂ. ಕಾಲೇಜ್
● ಪುತ್ತೂರು: ಆರು ದಶಕಗಳ ಸುದೀರ್ಘ ಇತಿಹಾಸ ಹೊಂದಿರುವ ಪುತ್ತೂರಿನ ವಿವೇಕಾನಂದ ಪದವಿ ಪೂರ್ವ ಕಾಲೇಜು ಸಂಸ್ಕಾರಯುತ ಶಿಕ್ಷಣ ನೀಡುವ ಮೂಲಕ ನಾಡಿನ ಗಮನ ಸೆಳೆದಿದೆ. 1915ರಲ್ಲಿ ಆರಂಭಗೊಂಡ ಈ ಸಂಸ್ಥೆ ಇಂದು ಸಾವಿರಾರು ವಿದ್ಯಾರ್ಥಿಗಳಿಗೆ ಶಿಕ್ಷಣ ನೀಡುತ್ತಿದೆ. 2009ರಲ್ಲಿ 'ಉತ್ತಮ ವಿದ್ಯಾಸಂಸ್ಥೆ' ಪ್ರಶಸ್ತಿ ಲಭಿಸಿದೆ. ಗ್ರಾಮೀಣ ಭಾಗದ ವಿದ್ಯಾರ್ಥಿಗಳಿಗೆ ಗುಣಮಟ್ಟದ ಶಿಕ್ಷಣ ನೀಡುವ ಉದ್ದೇಶದಿಂದ ಸ್ಥಾಪನೆಗೊಂಡ ಕಾಲೇಜಿನಲ್ಲಿ ಇಂದು ವಿಜ್ಞಾನ, ವಾಣಿಜ್ಯ ಮತ್ತು ಕಲಾ ವಿಭಾಗಗಳಿವೆ. ಅನುಭವಿ ಉಪನ್ಯಾಸಕ ವೃಂದ, ಸುಸಜ್ಜಿತ ಪ್ರಯೋಗಾಲಯ, ಗ್ರಂಥಾಲಯ ಹಾಗೂ ಕ್ರೀಡಾ ಸೌಲಭ್ಯಗಳು ಇಲ್ಲಿವೆ. 1965ರಲ್ಲಿ ಕಾಲೇಜಿಗೆ ಸ್ವಂತ ಕಟ್ಟಡ ನಿರ್ಮಾಣವಾಯಿತು. ಪ್ರತಿ ವರ್ಷವೂ ಫಲಿತಾಂಶದಲ್ಲಿ ಕಾಲೇಜು ಉತ್ತಮ ಸಾಧನೆ ತೋರುತ್ತಿದೆ.
ಉತ್ತಮ ಫಲಿತಾಂಶ
2024-25ನೇ ಶೈಕ್ಷಣಿಕ ಸಾಲಿನ ದ್ವಿತೀಯ ಪಿಯುಸಿ ಪರೀಕ್ಷೆಯಲ್ಲಿ ಒಟ್ಟು 362 ವಿದ್ಯಾರ್ಥಿಗಳು ಪರೀಕ್ಷೆ ಬರೆದಿದ್ದು, 391 ವಿದ್ಯಾರ್ಥಿಗಳು ಪ್ರಥಮ ಶ್ರೇಣಿಯಲ್ಲಿ ಉತ್ತೀರ್ಣರಾಗಿದ್ದಾರೆ. ವಾಣಿಜ್ಯ ವಿಭಾಗದಲ್ಲಿ ಒಟ್ಟು 597 ಅಂಕಗಳಿಸಿದ ವಿದ್ಯಾರ್ಥಿನಿ ಕಾಲೇಜಿಗೆ ಪ್ರಥಮ ಸ್ಥಾನ ಪಡೆದಿದ್ದಾರೆ. ವಿಜ್ಞಾನ ವಿಭಾಗದಲ್ಲಿ 591 ಅಂಕಗಳು ಹಾಗೂ ಕಲಾ ವಿಭಾಗದಲ್ಲಿ 579 ಅಂಕಗಳೊಂದಿಗೆ ವಿದ್ಯಾರ್ಥಿಗಳು ಉತ್ತಮ ಸಾಧನೆ ಮಾಡಿದ್ದಾರೆ. ಒಟ್ಟು ಶೇ.99.27 ಫಲಿತಾಂಶ ದಾಖಲಾಗಿದೆ. ಕಳೆದ ಸಾಲಿನಲ್ಲಿ 523 ವಿದ್ಯಾರ್ಥಿಗಳಲ್ಲಿ 136ಕ್ಕೂ ಹೆಚ್ಚು ಮಂದಿ ಡಿಸ್ಟಿಂಕ್ಷನ್ ಪಡೆದಿದ್ದರು.
ಕಾಲೇಜಿನಲ್ಲಿ ಎನ್‌ಸಿಸಿ, ಎನ್‌ಎಸ್‌ಎಸ್, ರೆಡ್‌ಕ್ರಾಸ್, ರೋವರ್ಸ್-ರೇಂಜರ್ಸ್ ಘಟಕಗಳು ಸಕ್ರಿಯವಾಗಿವೆ. ಸಾಂಸ್ಕೃತಿಕ ಚಟುವಟಿಕೆಗಳಿಗೂ ಪ್ರೋತ್ಸಾಹ ನೀಡಲಾಗುತ್ತಿದೆ. ಕ್ರೀಡೆಯಲ್ಲಿ ಕಾಲೇಜಿನ ವಿದ್ಯಾರ್ಥಿಗಳು ರಾಜ್ಯ ಹಾಗೂ ರಾಷ್ಟ್ರಮಟ್ಟದಲ್ಲಿ ಸಾಧನೆ ಮಾಡಿದ್ದಾರೆ. ವಿದ್ಯಾರ್ಥಿಗಳ ಸರ್ವತೋಮುಖ ಬೆಳವಣಿಗೆಗೆ ಪೂರಕವಾದ ವಾತಾವರಣ ಇಲ್ಲಿದೆ. ಪ್ರತಿ ವರ್ಷ ಪ್ರತಿಭಾ ಪುರಸ್ಕಾರ ಕಾರ್ಯಕ್ರಮ ಹಮ್ಮಿಕೊಳ್ಳಲಾಗುತ್ತದೆ.
ವಿದ್ಯಾರ್ಥಿಗಳ ಅನುಕೂಲಕ್ಕೆ ಆದ್ಯತೆ
ದೂರದ ಊರುಗಳಿಂದ ಬರುವ ವಿದ್ಯಾರ್ಥಿಗಳಿಗೆ ವಸತಿ ನಿಲಯ ಸೌಲಭ್ಯ ಕಲ್ಪಿಸಲಾಗಿದೆ. ಗ್ರಂಥಾಲಯದಲ್ಲಿ 1600ಕ್ಕೂ ಹೆಚ್ಚು ಪುಸ್ತಕಗಳಿವೆ. ಸುಸಜ್ಜಿತ ಕಂಪ್ಯೂಟರ್ ಪ್ರಯೋಗಾಲಯ, ಸಭಾಂಗಣ ಹಾಗೂ ಕ್ರೀಡಾಂಗಣ ಕಾಲೇಜಿನ ಹೆಗ್ಗಳಿಕೆ. ವಿದ್ಯಾರ್ಥಿಗಳಿಗೆ ಉಚಿತ ಸಾರಿಗೆ ವ್ಯವಸ್ಥೆಯನ್ನೂ ಕಲ್ಪಿಸಲಾಗಿದೆ.
ಕಾಲೇಜು ಮಾಹಿತಿ ಸೆಲ್‌ಗಳು, ವಿದ್ಯಾರ್ಥಿ ಸಂಘ
ವಿಶೇಷತೆಗಳು
ವಿಕಾಸಾತ್ಮಕ ಕೃತಿಕಾರಣದಲ್ಲಿ ಹೊಂದಿರುವ ಕಾಲೇಜ್ ತನ್ನ ಆದರ್ಶವನ್ನು ದಿನಗಳಿಂದಲೂ ಕೀರ್ತಿಗೆ ಹೆಚ್ಚಿನ ಪ್ರೋತ್ಸಾಹವನ್ನು ನೀಡುತ್ತಾ ಬಂದಿದೆ. ಪಠ್ಯದ ಜತೆಯಲ್ಲೇ ಸಂಸ್ಕಾರ ನೀಡುವ ಮೂಲಕ ಉತ್ತಮ ನಾಗರಿಕರನ್ನು ರೂಪಿಸುವ ಕಾರ್ಯದಲ್ಲಿ ಕಾಲೇಜು ತೊಡಗಿದೆ. ಯೋಗ, ಧ್ಯಾನ ತರಗತಿಗಳು ಪ್ರತಿದಿನ ನಡೆಯುತ್ತವೆ.
ಸ್ಪರ್ಧಾತ್ಮಕ ಪರೀಕ್ಷೆಗೆ ತರಬೇತಿ
ವಿದ್ಯಾರ್ಥಿಗಳಿಗೆ ಸ್ಪರ್ಧಾತ್ಮಕ ಪರೀಕ್ಷೆಗಳಿಗೆ ವಿಶೇಷ ತರಬೇತಿ ನೀಡಲಾಗುತ್ತಿದೆ. ಸಿಇಟಿ, ನೀಟ್ ಸೇರಿದಂತೆ ವಿವಿಧ ಪರೀಕ್ಷೆಗಳಿಗೆ ಮಾರ್ಗದರ್ಶನ ದೊರೆಯುತ್ತಿದೆ.
ವಿಶೇಷ ಸರ್ಟಿಫಿಕೇಟ್ ಕೋರ್ಸ್
ವಾಣಿಜ್ಯ ವಿಭಾಗದ ವಿದ್ಯಾರ್ಥಿಗಳಿಗಾಗಿ ಟ್ಯಾಲಿ, ಜಿಎಸ್‌ಟಿ ಹಾಗೂ ಅಕೌಂಟಿಂಗ್ ವಿಷಯಗಳಲ್ಲಿ ಸರ್ಟಿಫಿಕೇಟ್ ಕೋರ್ಸ್ ನಡೆಸಲಾಗುತ್ತಿದೆ. ವಿಜ್ಞಾನ ವಿಭಾಗದ ವಿದ್ಯಾರ್ಥಿಗಳಿಗೆ ಪ್ರಯೋಗಾಲಯ ಕೌಶಲ ತರಬೇತಿ ನೀಡಲಾಗುತ್ತಿದೆ. ಕಂಪ್ಯೂಟರ್ ಶಿಕ್ಷಣವನ್ನು ಕಡ್ಡಾಯಗೊಳಿಸಲಾಗಿದೆ. ವ್ಯಕ್ತಿತ್ವ ವಿಕಸನ ಶಿಬಿರಗಳು, ಸಂವಹನ ಕೌಶಲ ತರಬೇತಿ ಕಾರ್ಯಕ್ರಮಗಳು ನಿಯಮಿತವಾಗಿ ನಡೆಯುತ್ತವೆ.
ಹೆಚ್ಚಿನ ಮಾಹಿತಿಗಾಗಿ ಕಾಲೇಜಿನ ಕಚೇರಿಯನ್ನು ಸಂಪರ್ಕಿಸಿ: 8073700468, 8105072386 ಸಂಪರ್ಕಿಸಬಹುದು.
